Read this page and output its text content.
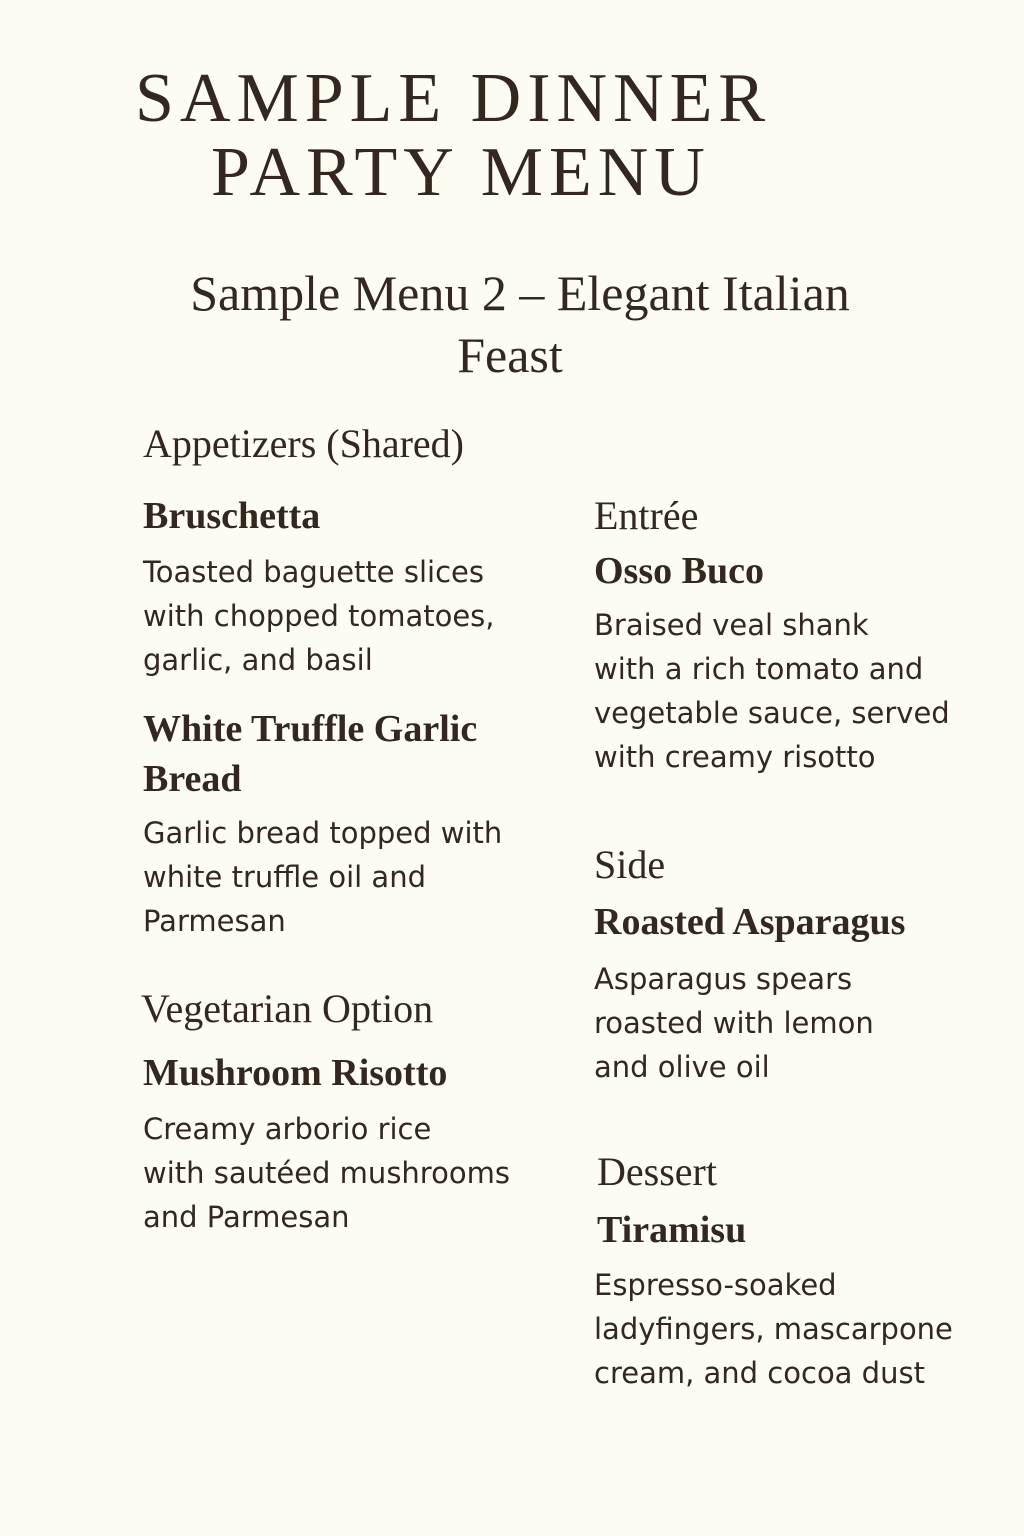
SAMPLE DINNER
PARTY MENU
Sample Menu 2 – Elegant Italian
Feast
Appetizers (Shared)
Bruschetta

Toasted baguette slices
with chopped tomatoes,
garlic, and basil

White Truffle Garlic
Bread

Garlic bread topped with
white truffle oil and
Parmesan

Vegetarian Option
Mushroom Risotto

Creamy arborio rice
with sautéed mushrooms
and Parmesan

Entrée
Osso Buco

Braised veal shank
with a rich tomato and
vegetable sauce, served
with creamy risotto

Side
Roasted Asparagus

Asparagus spears
roasted with lemon
and olive oil

Dessert
Tiramisu

Espresso-soaked
ladyfingers, mascarpone
cream, and cocoa dust
